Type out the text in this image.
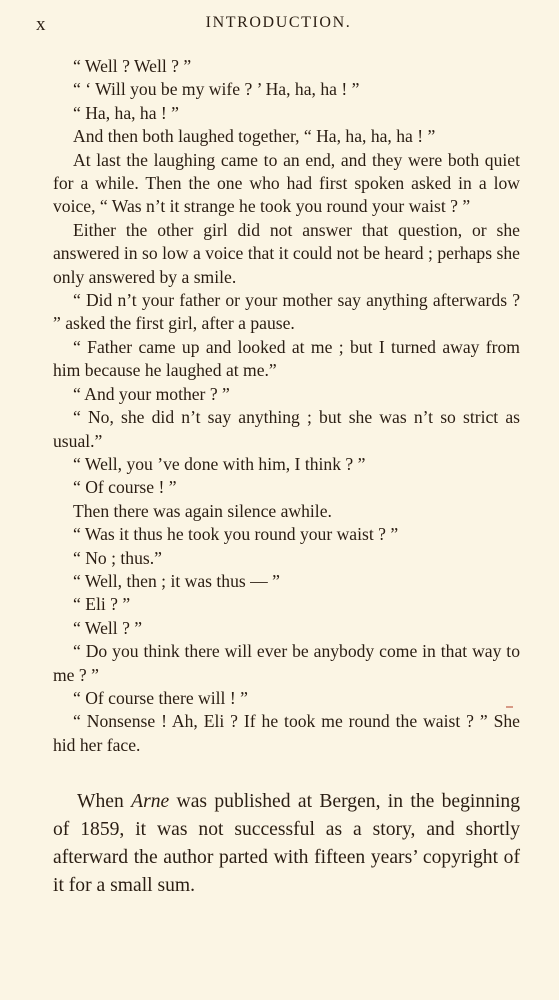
x	INTRODUCTION.

“ Well ? Well ? ”

“ ‘ Will you be my wife ? ’ Ha, ha, ha ! ”

“ Ha, ha, ha ! ”

And then both laughed together, “ Ha, ha, ha, ha ! ”

At last the laughing came to an end, and they were both quiet for a while. Then the one who had first spoken asked in a low voice, “ Was n’t it strange he took you round your waist ? ”

Either the other girl did not answer that question, or she answered in so low a voice that it could not be heard ; perhaps she only answered by a smile.

“ Did n’t your father or your mother say anything afterwards ? ” asked the first girl, after a pause.

“ Father came up and looked at me ; but I turned away from him because he laughed at me.”

“ And your mother ? ”

“ No, she did n’t say anything ; but she was n’t so strict as usual.”

“ Well, you ’ve done with him, I think ? ”

“ Of course ! ”

Then there was again silence awhile.

“ Was it thus he took you round your waist ? ”

“ No ; thus.”

“ Well, then ; it was thus — ”

“ Eli ? ”

“ Well ? ”

“ Do you think there will ever be anybody come in that way to me ? ”

“ Of course there will ! ”

“ Nonsense ! Ah, Eli ? If he took me round the waist ? ” She hid her face.

When Arne was published at Bergen, in the beginning of 1859, it was not successful as a story, and shortly afterward the author parted with fifteen years’ copyright of it for a small sum.
